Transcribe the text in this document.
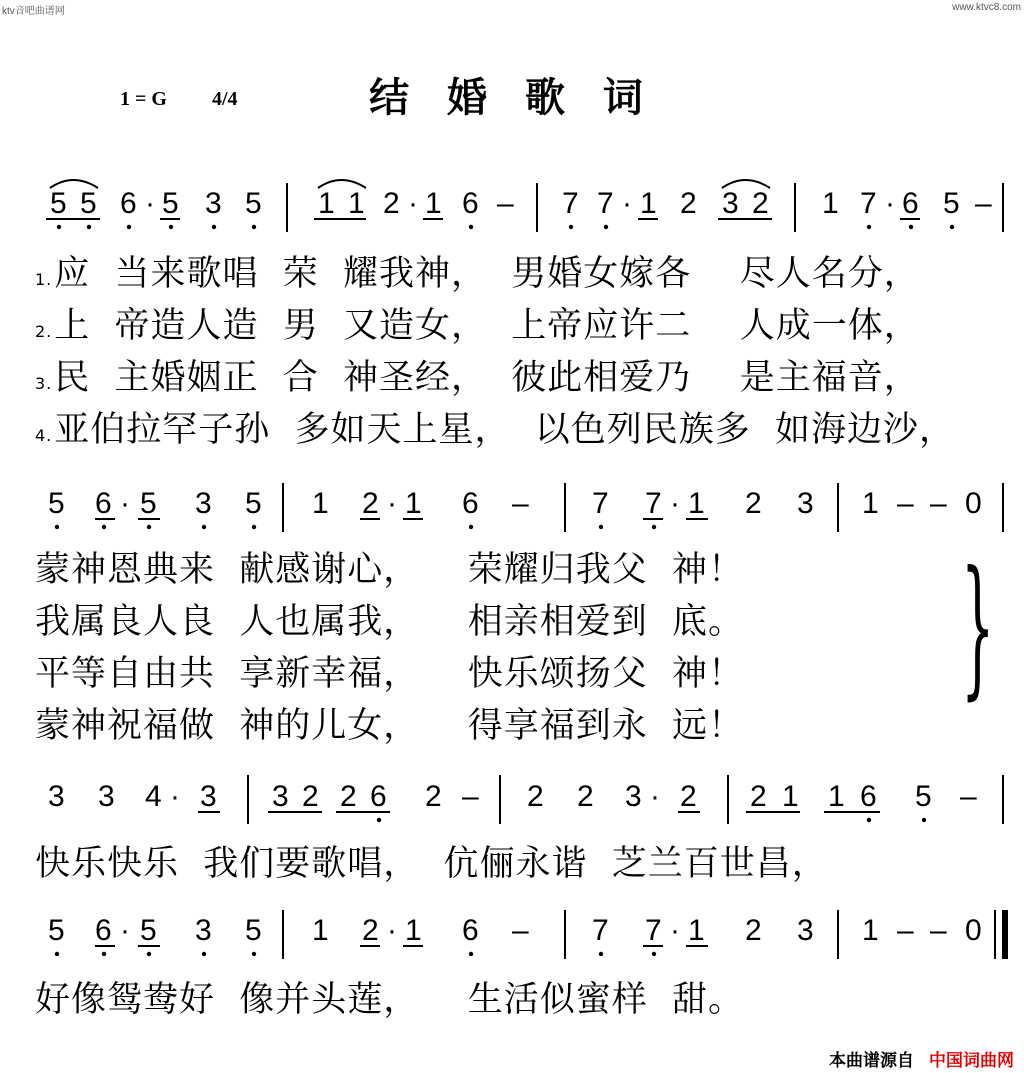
ktv音吧曲谱网	www.ktvc8.com
1 = G 4/4	结 婚 歌 词
5 5 6 · 5 3 5 1 1 2 · 1 6 – 7 7 · 1 2 3 2 1 7 · 6 5 –
5 6 · 5 3 5 1 2 · 1 6 – 7 7 · 1 2 3 1 – – 0
3 3 4 · 3 3 2 2 6 2 – 2 2 3 · 2 2 1 1 6 5 –
5 6 · 5 3 5 1 2 · 1 6 – 7 7 · 1 2 3 1 – – 0
1.应  当来歌唱  荣  耀我神，  男婚女嫁各    尽人名分，
2.上  帝造人造  男  又造女，  上帝应许二    人成一体，
3.民  主婚姻正  合  神圣经，  彼此相爱乃    是主福音，
4.亚伯拉罕子孙  多如天上星，  以色列民族多  如海边沙，
蒙神恩典来  献感谢心，    荣耀归我父  神！
我属良人良  人也属我，    相亲相爱到  底。
平等自由共  享新幸福，    快乐颂扬父  神！
蒙神祝福做  神的儿女，    得享福到永  远！
}
快乐快乐  我们要歌唱，  伉俪永谐  芝兰百世昌，
好像鸳鸯好  像并头莲，    生活似蜜样  甜。
本曲谱源自 中国词曲网
